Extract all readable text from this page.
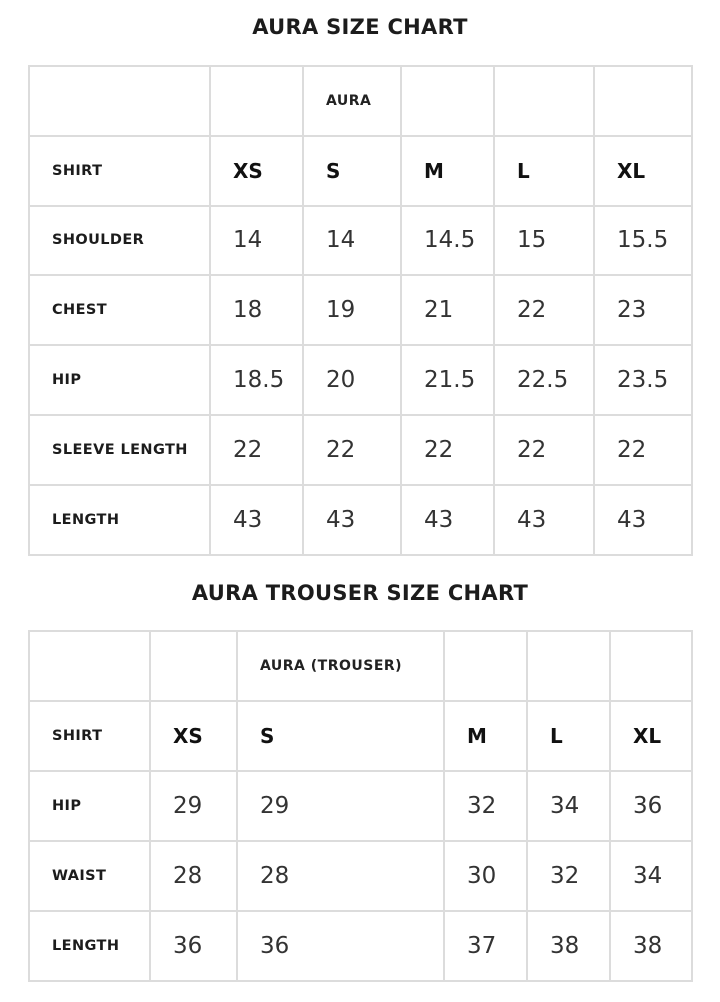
AURA SIZE CHART
		AURA			
SHIRT	XS	S	M	L	XL
SHOULDER	14	14	14.5	15	15.5
CHEST	18	19	21	22	23
HIP	18.5	20	21.5	22.5	23.5
SLEEVE LENGTH	22	22	22	22	22
LENGTH	43	43	43	43	43
AURA TROUSER SIZE CHART
		AURA (TROUSER)			
SHIRT	XS	S	M	L	XL
HIP	29	29	32	34	36
WAIST	28	28	30	32	34
LENGTH	36	36	37	38	38
